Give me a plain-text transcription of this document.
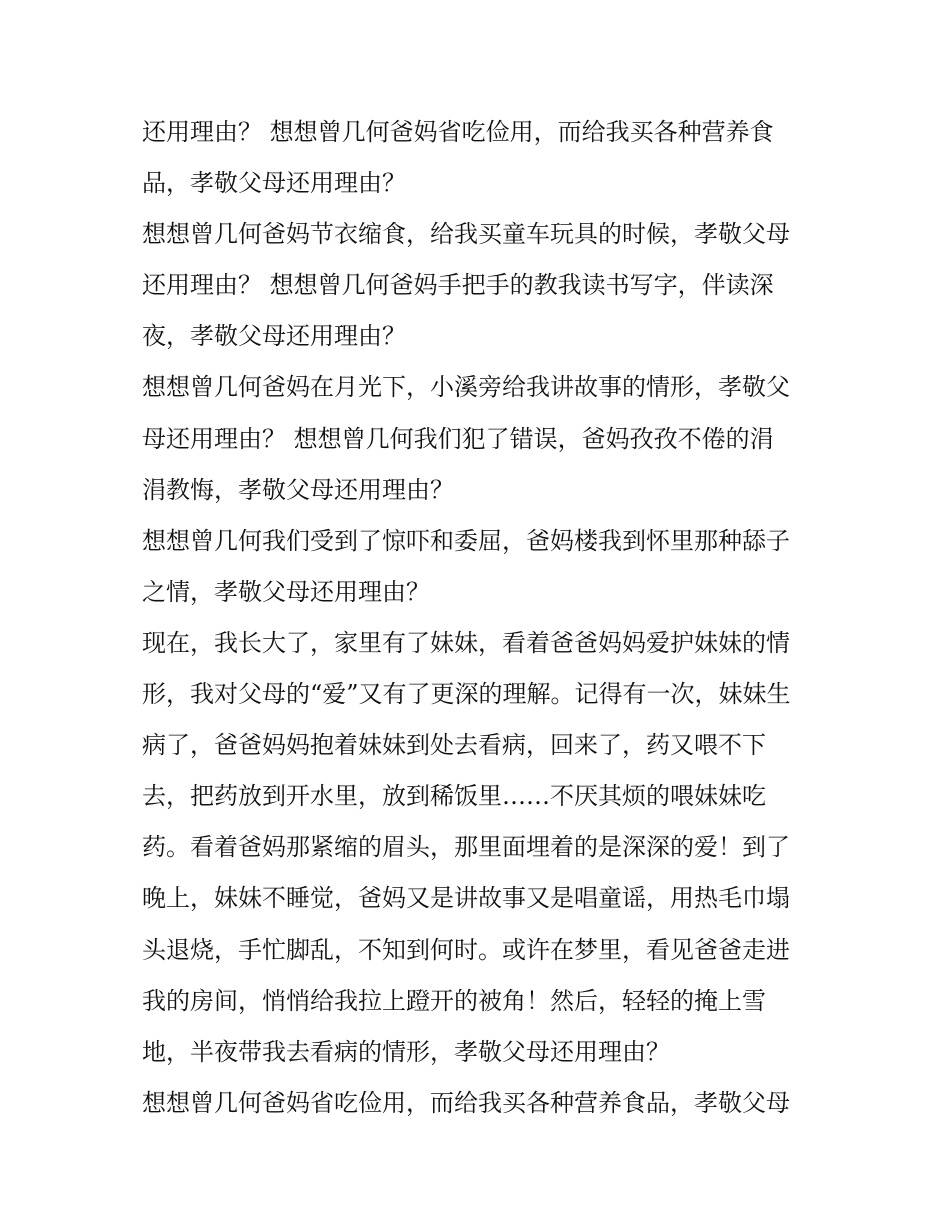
还用理由？ 想想曾几何爸妈省吃俭用，而给我买各种营养食
品，孝敬父母还用理由？
想想曾几何爸妈节衣缩食，给我买童车玩具的时候，孝敬父母
还用理由？ 想想曾几何爸妈手把手的教我读书写字，伴读深
夜，孝敬父母还用理由？
想想曾几何爸妈在月光下，小溪旁给我讲故事的情形，孝敬父
母还用理由？ 想想曾几何我们犯了错误，爸妈孜孜不倦的涓
涓教悔，孝敬父母还用理由？
想想曾几何我们受到了惊吓和委屈，爸妈楼我到怀里那种舔子
之情，孝敬父母还用理由？
现在，我长大了，家里有了妹妹，看着爸爸妈妈爱护妹妹的情
形，我对父母的“爱”又有了更深的理解。记得有一次，妹妹生
病了，爸爸妈妈抱着妹妹到处去看病，回来了，药又喂不下
去，把药放到开水里，放到稀饭里……不厌其烦的喂妹妹吃
药。看着爸妈那紧缩的眉头，那里面埋着的是深深的爱！到了
晚上，妹妹不睡觉，爸妈又是讲故事又是唱童谣，用热毛巾塌
头退烧，手忙脚乱，不知到何时。或许在梦里，看见爸爸走进
我的房间，悄悄给我拉上蹬开的被角！然后，轻轻的掩上雪
地，半夜带我去看病的情形，孝敬父母还用理由？
想想曾几何爸妈省吃俭用，而给我买各种营养食品，孝敬父母
